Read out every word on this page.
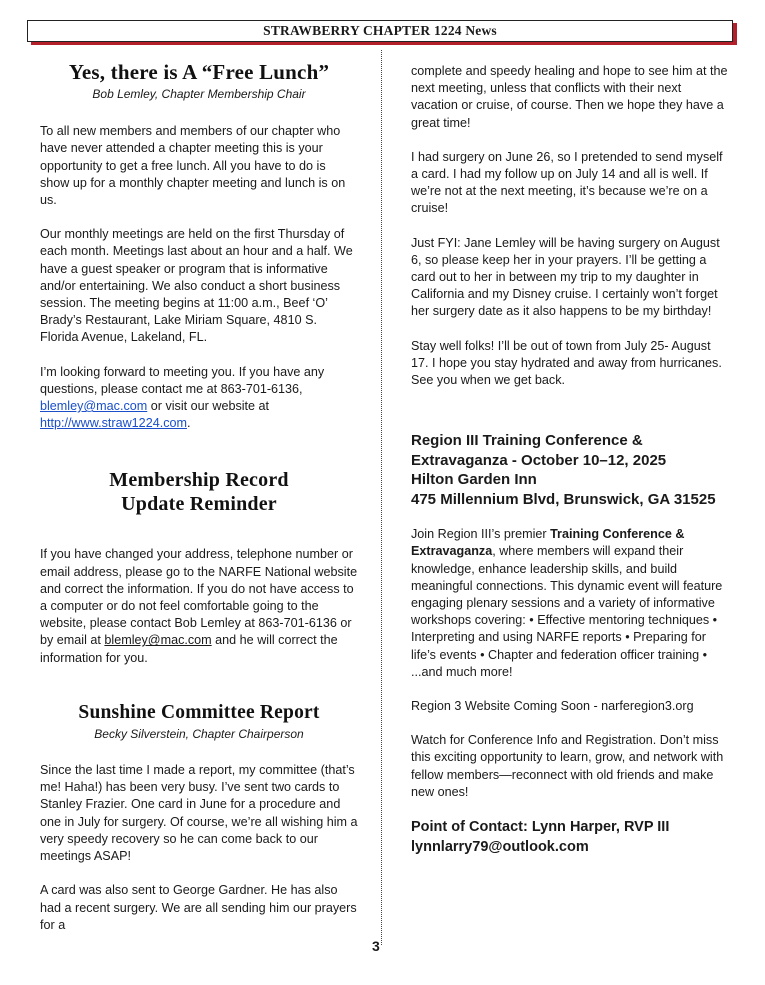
STRAWBERRY CHAPTER 1224 News
Yes, there is A “Free Lunch”

Bob Lemley, Chapter Membership Chair

To all new members and members of our chapter who have never attended a chapter meeting this is your opportunity to get a free lunch. All you have to do is show up for a monthly chapter meeting and lunch is on us.

Our monthly meetings are held on the first Thursday of each month. Meetings last about an hour and a half. We have a guest speaker or program that is informative and/or entertaining. We also conduct a short business session. The meeting begins at 11:00 a.m., Beef ‘O’ Brady’s Restaurant, Lake Miriam Square, 4810 S. Florida Avenue, Lakeland, FL.

I’m looking forward to meeting you. If you have any questions, please contact me at 863-701-6136, blemley@mac.com or visit our website at http://www.straw1224.com.

Membership Record
Update Reminder

If you have changed your address, telephone number or email address, please go to the NARFE National website and correct the information. If you do not have access to a computer or do not feel comfortable going to the website, please contact Bob Lemley at 863-701-6136 or by email at blemley@mac.com and he will correct the information for you.

Sunshine Committee Report

Becky Silverstein, Chapter Chairperson

Since the last time I made a report, my committee (that’s me! Haha!) has been very busy. I’ve sent two cards to Stanley Frazier. One card in June for a procedure and one in July for surgery. Of course, we’re all wishing him a very speedy recovery so he can come back to our meetings ASAP!

A card was also sent to George Gardner. He has also had a recent surgery. We are all sending him our prayers for a

complete and speedy healing and hope to see him at the next meeting, unless that conflicts with their next vacation or cruise, of course. Then we hope they have a great time!

I had surgery on June 26, so I pretended to send myself a card. I had my follow up on July 14 and all is well. If we’re not at the next meeting, it’s because we’re on a cruise!

Just FYI: Jane Lemley will be having surgery on August 6, so please keep her in your prayers. I’ll be getting a card out to her in between my trip to my daughter in California and my Disney cruise. I certainly won’t forget her surgery date as it also happens to be my birthday!

Stay well folks! I’ll be out of town from July 25- August 17. I hope you stay hydrated and away from hurricanes. See you when we get back.

Region III Training Conference &
Extravaganza - October 10–12, 2025
Hilton Garden Inn
475 Millennium Blvd, Brunswick, GA 31525

Join Region III’s premier Training Conference & Extravaganza, where members will expand their knowledge, enhance leadership skills, and build meaningful connections. This dynamic event will feature engaging plenary sessions and a variety of informative workshops covering: • Effective mentoring techniques • Interpreting and using NARFE reports • Preparing for life’s events • Chapter and federation officer training • ...and much more!

Region 3 Website Coming Soon - narferegion3.org

Watch for Conference Info and Registration. Don’t miss this exciting opportunity to learn, grow, and network with fellow members—reconnect with old friends and make new ones!

Point of Contact: Lynn Harper, RVP III
lynnlarry79@outlook.com
3
